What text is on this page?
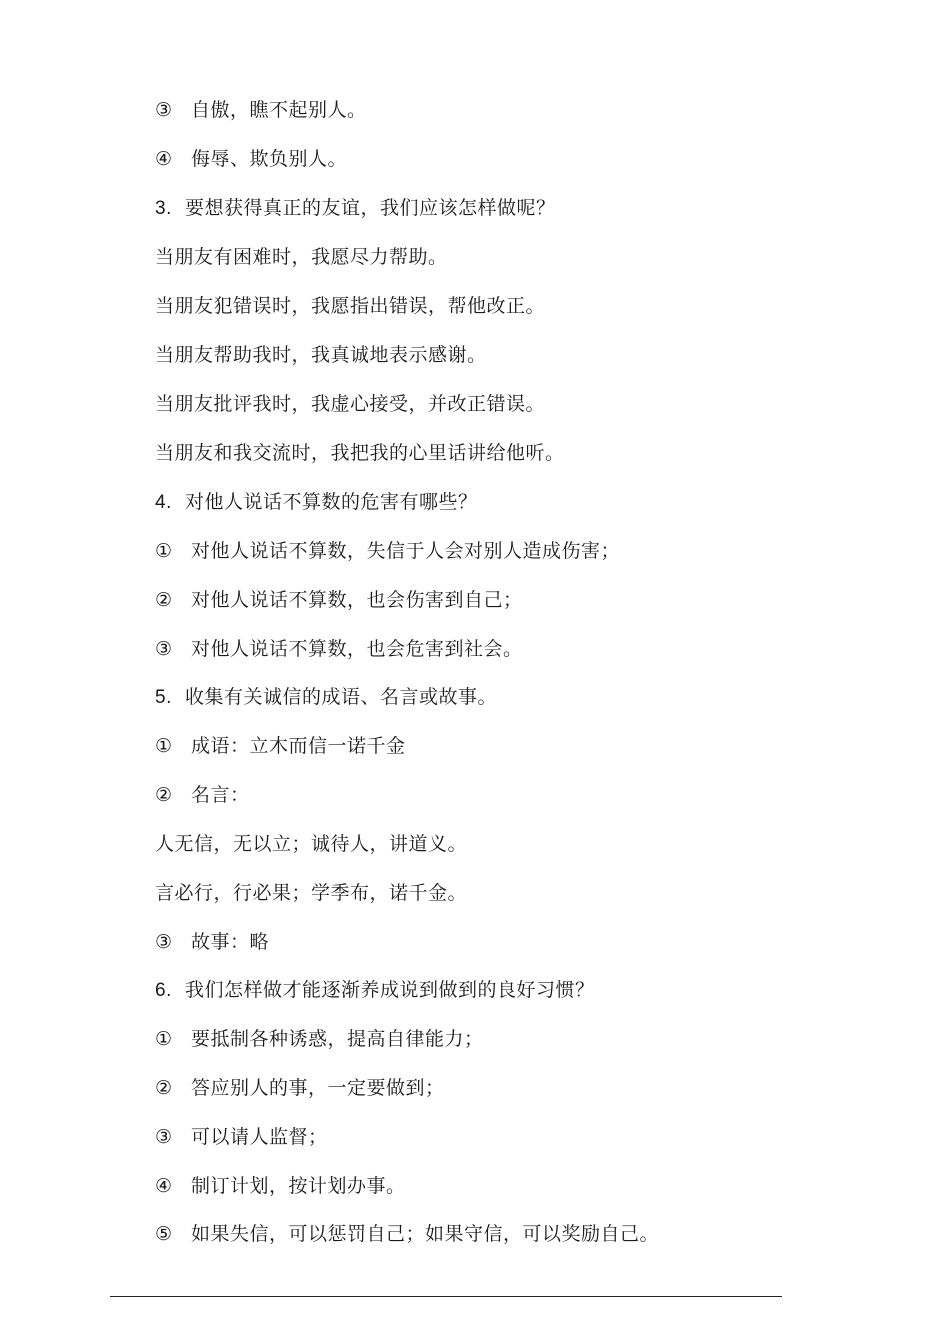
③ 自傲，瞧不起别人。
④ 侮辱、欺负别人。
3. 要想获得真正的友谊，我们应该怎样做呢？
当朋友有困难时，我愿尽力帮助。
当朋友犯错误时，我愿指出错误，帮他改正。
当朋友帮助我时，我真诚地表示感谢。
当朋友批评我时，我虚心接受，并改正错误。
当朋友和我交流时，我把我的心里话讲给他听。
4. 对他人说话不算数的危害有哪些？
① 对他人说话不算数，失信于人会对别人造成伤害；
② 对他人说话不算数，也会伤害到自己；
③ 对他人说话不算数，也会危害到社会。
5. 收集有关诚信的成语、名言或故事。
① 成语：立木而信一诺千金
② 名言：
人无信，无以立；诚待人，讲道义。
言必行，行必果；学季布，诺千金。
③ 故事：略
6. 我们怎样做才能逐渐养成说到做到的良好习惯？
① 要抵制各种诱惑，提高自律能力；
② 答应别人的事，一定要做到；
③ 可以请人监督；
④ 制订计划，按计划办事。
⑤ 如果失信，可以惩罚自己；如果守信，可以奖励自己。
